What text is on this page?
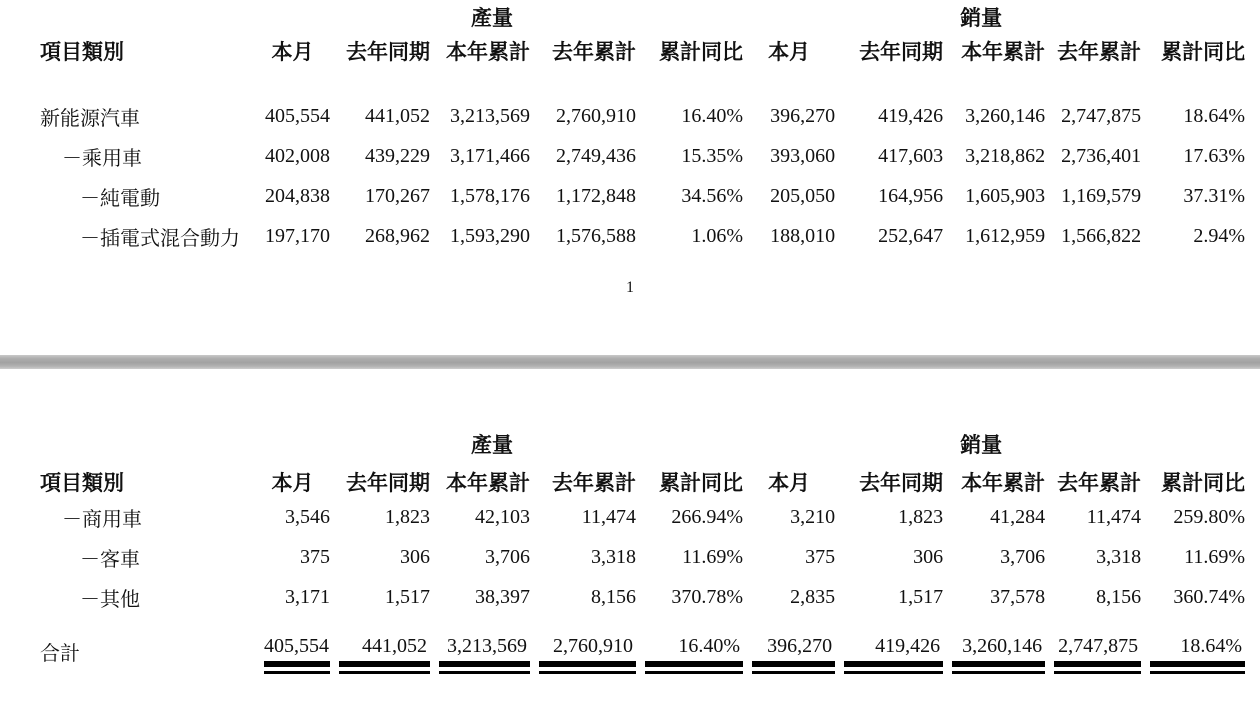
	產量					銷量				
項目類別	本月	去年同期	本年累計	去年累計	累計同比	本月	去年同期	本年累計	去年累計	累計同比

新能源汽車	405,554	441,052	3,213,569	2,760,910	16.40%	396,270	419,426	3,260,146	2,747,875	18.64%
－乘用車	402,008	439,229	3,171,466	2,749,436	15.35%	393,060	417,603	3,218,862	2,736,401	17.63%
－純電動	204,838	170,267	1,578,176	1,172,848	34.56%	205,050	164,956	1,605,903	1,169,579	37.31%
－插電式混合動力	197,170	268,962	1,593,290	1,576,588	1.06%	188,010	252,647	1,612,959	1,566,822	2.94%
1
	產量					銷量				
項目類別	本月	去年同期	本年累計	去年累計	累計同比	本月	去年同期	本年累計	去年累計	累計同比
－商用車	3,546	1,823	42,103	11,474	266.94%	3,210	1,823	41,284	11,474	259.80%
－客車	375	306	3,706	3,318	11.69%	375	306	3,706	3,318	11.69%
－其他	3,171	1,517	38,397	8,156	370.78%	2,835	1,517	37,578	8,156	360.74%
合計	405,554	441,052	3,213,569	2,760,910	16.40%	396,270	419,426	3,260,146	2,747,875	18.64%
